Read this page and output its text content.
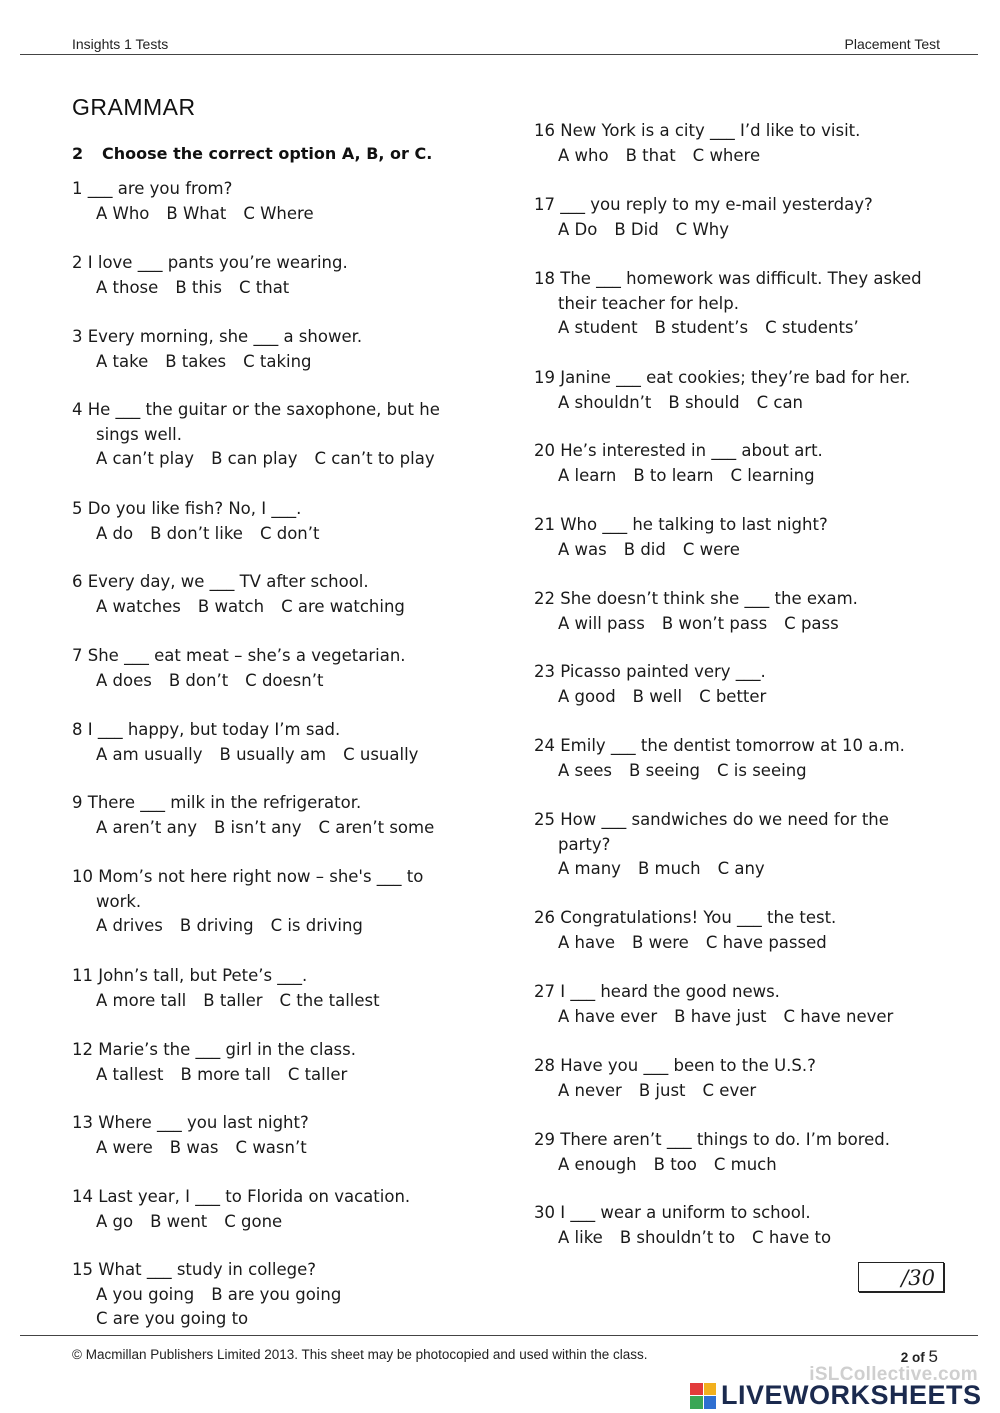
Insights 1 Tests	Placement Test
GRAMMAR
2 Choose the correct option A, B, or C.
1 ___ are you from?
A Who B What C Where
2 I love ___ pants you’re wearing.
A those B this C that
3 Every morning, she ___ a shower.
A take B takes C taking
4 He ___ the guitar or the saxophone, but he sings well.
A can’t play B can play C can’t to play
5 Do you like fish? No, I ___.
A do B don’t like C don’t
6 Every day, we ___ TV after school.
A watches B watch C are watching
7 She ___ eat meat – she’s a vegetarian.
A does B don’t C doesn’t
8 I ___ happy, but today I’m sad.
A am usually B usually am C usually
9 There ___ milk in the refrigerator.
A aren’t any B isn’t any C aren’t some
10 Mom’s not here right now – she's ___ to work.
A drives B driving C is driving
11 John’s tall, but Pete’s ___.
A more tall B taller C the tallest
12 Marie’s the ___ girl in the class.
A tallest B more tall C taller
13 Where ___ you last night?
A were B was C wasn’t
14 Last year, I ___ to Florida on vacation.
A go B went C gone
15 What ___ study in college?
A you going B are you going
C are you going to
16 New York is a city ___ I’d like to visit.
A who B that C where
17 ___ you reply to my e-mail yesterday?
A Do B Did C Why
18 The ___ homework was difficult. They asked their teacher for help.
A student B student’s C students’
19 Janine ___ eat cookies; they’re bad for her.
A shouldn’t B should C can
20 He’s interested in ___ about art.
A learn B to learn C learning
21 Who ___ he talking to last night?
A was B did C were
22 She doesn’t think she ___ the exam.
A will pass B won’t pass C pass
23 Picasso painted very ___.
A good B well C better
24 Emily ___ the dentist tomorrow at 10 a.m.
A sees B seeing C is seeing
25 How ___ sandwiches do we need for the party?
A many B much C any
26 Congratulations! You ___ the test.
A have B were C have passed
27 I ___ heard the good news.
A have ever B have just C have never
28 Have you ___ been to the U.S.?
A never B just C ever
29 There aren’t ___ things to do. I’m bored.
A enough B too C much
30 I ___ wear a uniform to school.
A like B shouldn’t to C have to
/30
© Macmillan Publishers Limited 2013. This sheet may be photocopied and used within the class.	2 of 5
iSLCollective.com
LIVEWORKSHEETS
